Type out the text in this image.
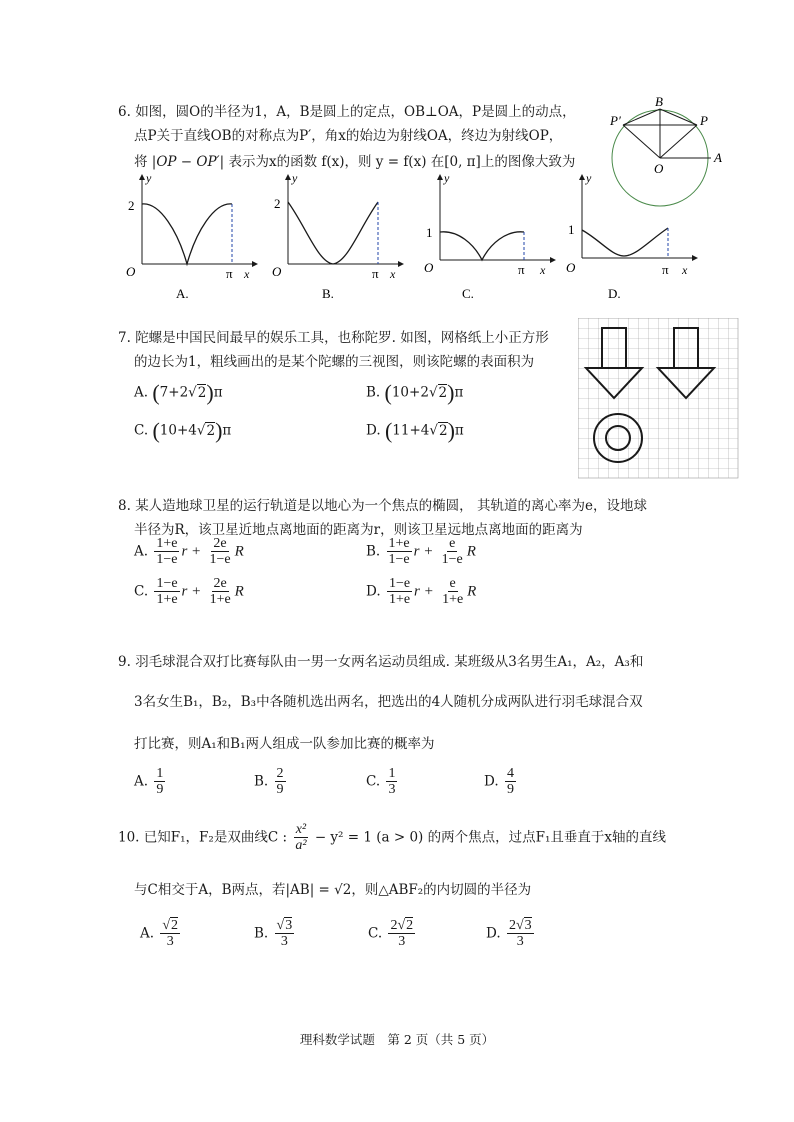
6. 如图，圆O的半径为1，A，B是圆上的定点，OB⊥OA，P是圆上的动点，
点P关于直线OB的对称点为P′，角x的始边为射线OA，终边为射线OP，
将 |OP − OP′| 表示为x的函数 f(x)，则 y = f(x) 在[0, π]上的图像大致为
B
P
P′
O
A
y
2
O	π x
A.
y
2
O	π x
B.
y
1
O	π x
C.
y
1
O	π x
D.
7. 陀螺是中国民间最早的娱乐工具，也称陀罗. 如图，网格纸上小正方形
的边长为1，粗线画出的是某个陀螺的三视图，则该陀螺的表面积为
A. (7+2√2)π	B. (10+2√2)π
C. (10+4√2)π	D. (11+4√2)π
8. 某人造地球卫星的运行轨道是以地心为一个焦点的椭圆， 其轨道的离心率为e，设地球
半径为R，该卫星近地点离地面的距离为r，则该卫星远地点离地面的距离为
A. $\frac{1+e}{1-e}$ $r + \frac{2e}{1-e}$ R	B. $\frac{1+e}{1-e}$ $r + \frac{e}{1-e}$ R
C. $\frac{1-e}{1+e}$ $r + \frac{2e}{1+e}$ R	D. $\frac{1-e}{1+e}$ $r + \frac{e}{1+e}$ R
9. 羽毛球混合双打比赛每队由一男一女两名运动员组成. 某班级从3名男生A₁，A₂，A₃和
3名女生B₁，B₂，B₃中各随机选出两名，把选出的4人随机分成两队进行羽毛球混合双
打比赛，则A₁和B₁两人组成一队参加比赛的概率为
A. $\frac{1}{9}$	B. $\frac{2}{9}$	C. $\frac{1}{3}$	D. $\frac{4}{9}$
10. 已知F₁，F₂是双曲线C : $\frac{\text{x²}}{\text{a²}} - y^2 = 1$ (a > 0) 的两个焦点，过点F₁且垂直于x轴的直线
与C相交于A，B两点，若|AB| = √2，则△ABF₂的内切圆的半径为
A. $\frac{√2}{3}$	B. $\frac{√3}{3}$	C. $\frac{2√2}{3}$	D. $\frac{2√3}{3}$
理科数学试题　第 2 页（共 5 页）
